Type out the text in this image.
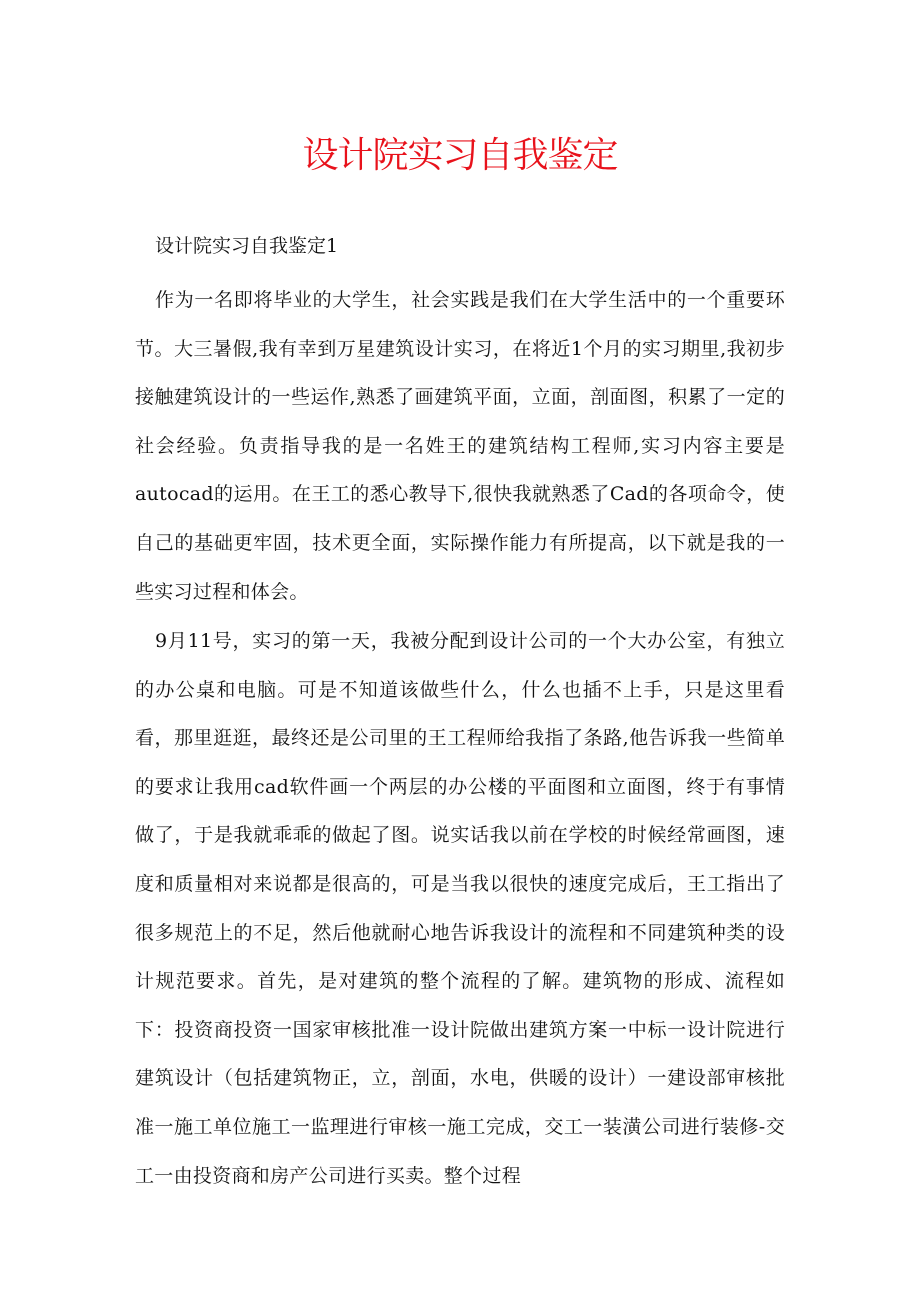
设计院实习自我鉴定

设计院实习自我鉴定1

作为一名即将毕业的大学生，社会实践是我们在大学生活中的一个重要环节。大三暑假,我有幸到万星建筑设计实习，在将近1个月的实习期里,我初步接触建筑设计的一些运作,熟悉了画建筑平面，立面，剖面图，积累了一定的社会经验。负责指导我的是一名姓王的建筑结构工程师,实习内容主要是autocad的运用。在王工的悉心教导下,很快我就熟悉了Cad的各项命令，使自己的基础更牢固，技术更全面，实际操作能力有所提高，以下就是我的一些实习过程和体会。

9月11号，实习的第一天，我被分配到设计公司的一个大办公室，有独立的办公桌和电脑。可是不知道该做些什么，什么也插不上手，只是这里看看，那里逛逛，最终还是公司里的王工程师给我指了条路,他告诉我一些简单的要求让我用cad软件画一个两层的办公楼的平面图和立面图，终于有事情做了，于是我就乖乖的做起了图。说实话我以前在学校的时候经常画图，速度和质量相对来说都是很高的，可是当我以很快的速度完成后，王工指出了很多规范上的不足，然后他就耐心地告诉我设计的流程和不同建筑种类的设计规范要求。首先，是对建筑的整个流程的了解。建筑物的形成、流程如下：投资商投资一国家审核批准一设计院做出建筑方案一中标一设计院进行建筑设计（包括建筑物正，立，剖面，水电，供暖的设计）一建设部审核批准一施工单位施工一监理进行审核一施工完成，交工一装潢公司进行装修-交工一由投资商和房产公司进行买卖。整个过程
